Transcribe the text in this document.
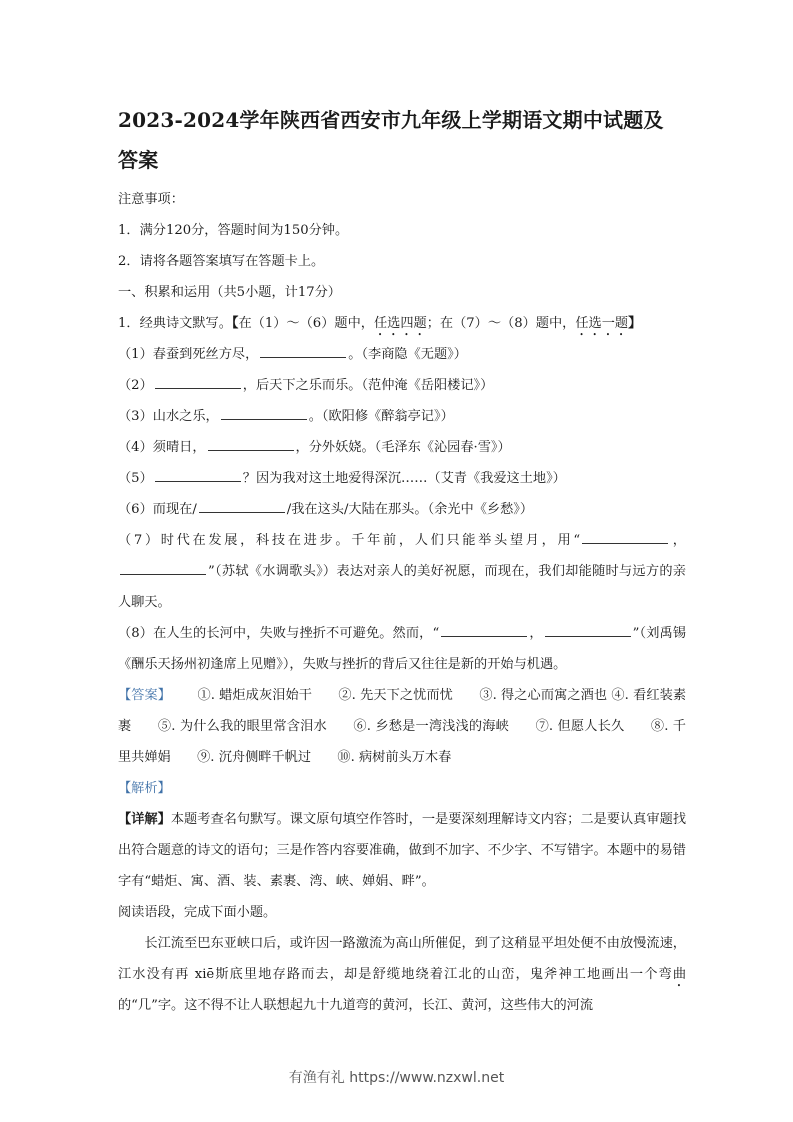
2023-2024学年陕西省西安市九年级上学期语文期中试题及
答案
注意事项：
1．满分120分，答题时间为150分钟。
2．请将各题答案填写在答题卡上。
一、积累和运用（共5小题，计17分）
1．经典诗文默写。【在（1）～（6）题中，任选四题；在（7）～（8）题中，任选一题】
（1）春蚕到死丝方尽，	。（李商隐《无题》）
（2）	，后天下之乐而乐。（范仲淹《岳阳楼记》）
（3）山水之乐，	。（欧阳修《醉翁亭记》）
（4）须晴日，	，分外妖娆。（毛泽东《沁园春·雪》）
（5）	？因为我对这土地爱得深沉……（艾青《我爱这土地》）
（6）而现在/	/我在这头/大陆在那头。（余光中《乡愁》）
（7）时代在发展，科技在进步。千年前，人们只能举头望月，用“	，”（苏轼《水调歌头》）表达对亲人的美好祝愿，而现在，我们却能随时与远方的亲人聊天。
（8）在人生的长河中，失败与挫折不可避免。然而，“	，	”（刘禹锡《酬乐天扬州初逢席上见赠》），失败与挫折的背后又往往是新的开始与机遇。
【答案】   ①. 蜡炬成灰泪始干   ②. 先天下之忧而忧   ③. 得之心而寓之酒也 ④. 看红装素裹   ⑤. 为什么我的眼里常含泪水   ⑥. 乡愁是一湾浅浅的海峡   ⑦. 但愿人长久   ⑧. 千里共婵娟   ⑨. 沉舟侧畔千帆过   ⑩. 病树前头万木春
【解析】
【详解】本题考查名句默写。课文原句填空作答时，一是要深刻理解诗文内容；二是要认真审题找出符合题意的诗文的语句；三是作答内容要准确，做到不加字、不少字、不写错字。本题中的易错字有“蜡炬、寓、酒、装、素裹、湾、峡、婵娟、畔”。
阅读语段，完成下面小题。
长江流至巴东亚峡口后，或许因一路激流为高山所催促，到了这稍显平坦处便不由放慢流速，江水没有再 xiē斯底里地存路而去，却是舒缆地绕着江北的山峦，鬼斧神工地画出一个弯曲的“几”字。这不得不让人联想起九十九道弯的黄河，长江、黄河，这些伟大的河流
有渔有礼 https://www.nzxwl.net
